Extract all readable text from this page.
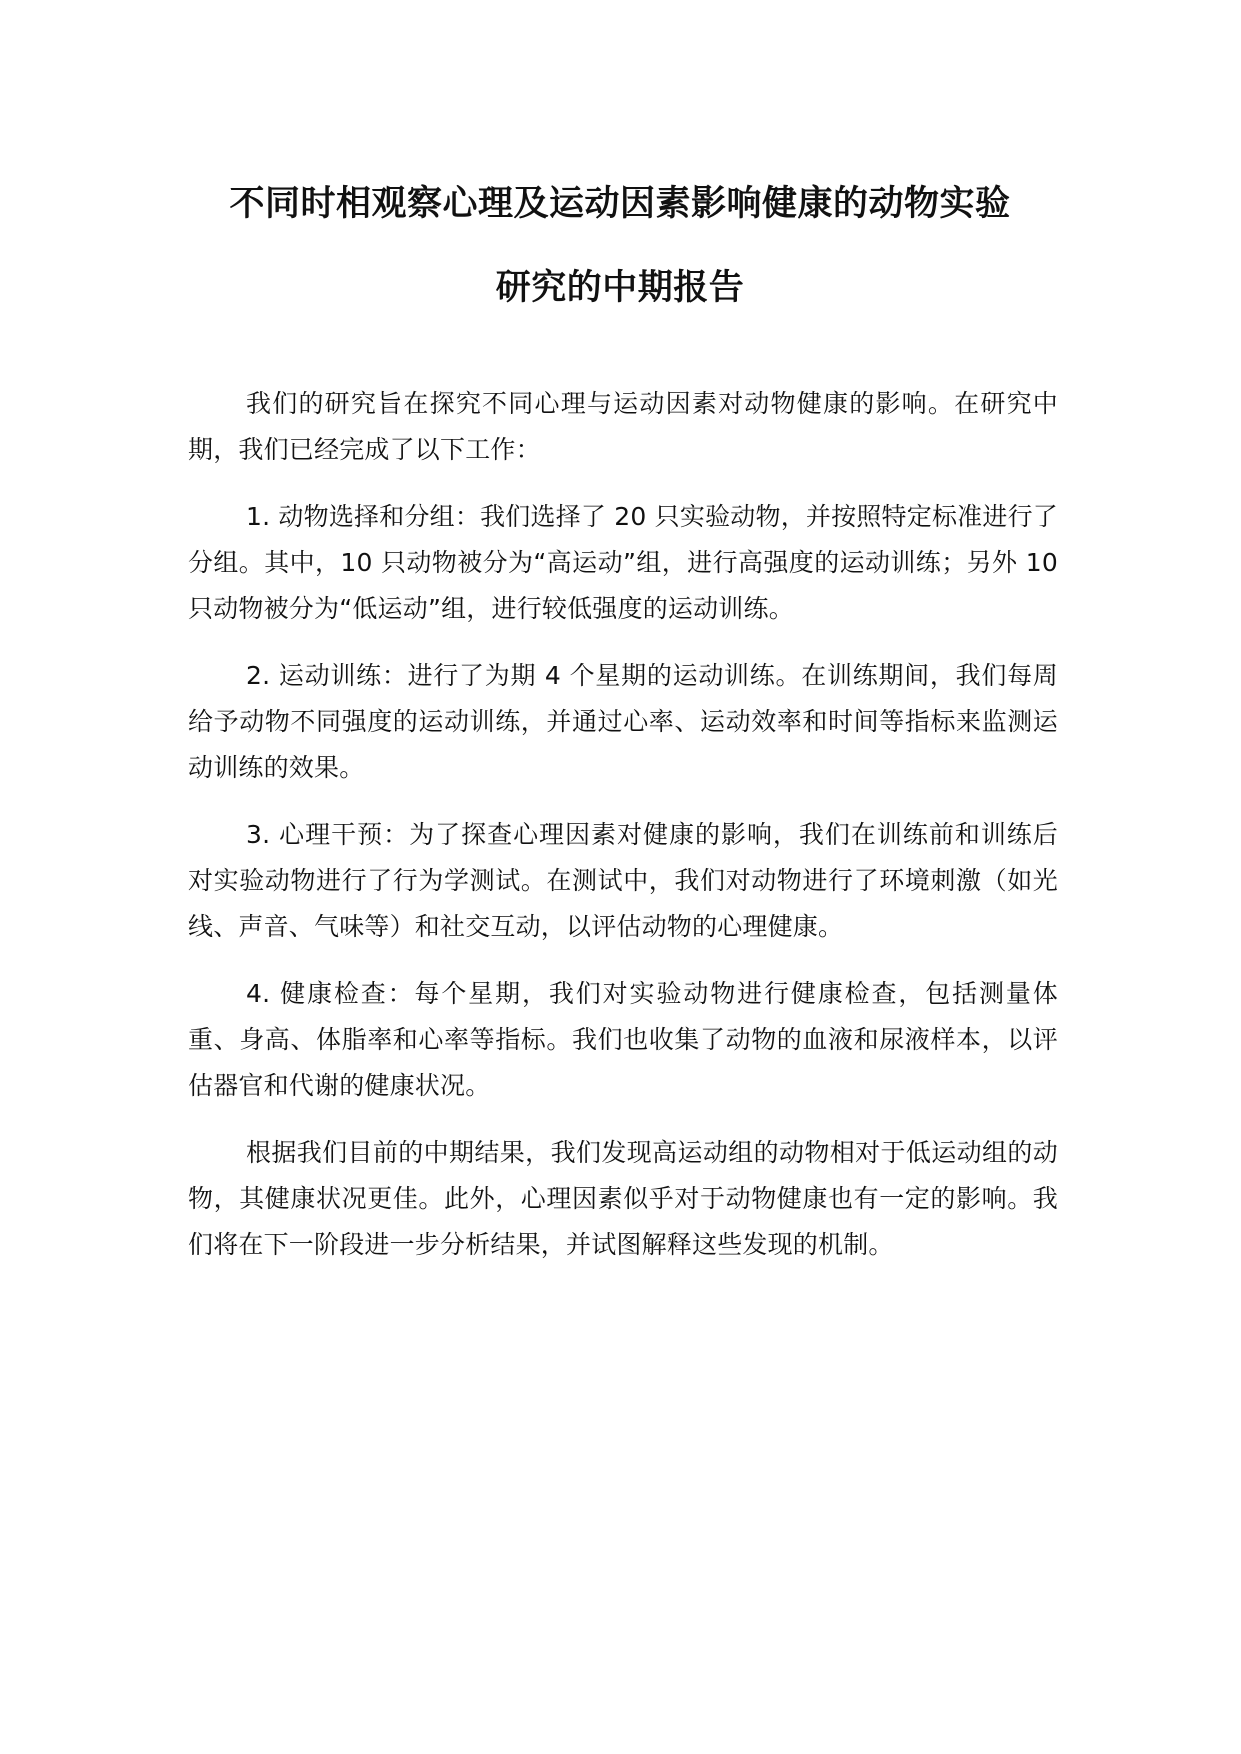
不同时相观察心理及运动因素影响健康的动物实验
研究的中期报告

我们的研究旨在探究不同心理与运动因素对动物健康的影响。在研究中期，我们已经完成了以下工作：

1. 动物选择和分组：我们选择了 20 只实验动物，并按照特定标准进行了分组。其中，10 只动物被分为“高运动”组，进行高强度的运动训练；另外 10 只动物被分为“低运动”组，进行较低强度的运动训练。

2. 运动训练：进行了为期 4 个星期的运动训练。在训练期间，我们每周给予动物不同强度的运动训练，并通过心率、运动效率和时间等指标来监测运动训练的效果。

3. 心理干预：为了探查心理因素对健康的影响，我们在训练前和训练后对实验动物进行了行为学测试。在测试中，我们对动物进行了环境刺激（如光线、声音、气味等）和社交互动，以评估动物的心理健康。

4. 健康检查：每个星期，我们对实验动物进行健康检查，包括测量体重、身高、体脂率和心率等指标。我们也收集了动物的血液和尿液样本，以评估器官和代谢的健康状况。

根据我们目前的中期结果，我们发现高运动组的动物相对于低运动组的动物，其健康状况更佳。此外，心理因素似乎对于动物健康也有一定的影响。我们将在下一阶段进一步分析结果，并试图解释这些发现的机制。
